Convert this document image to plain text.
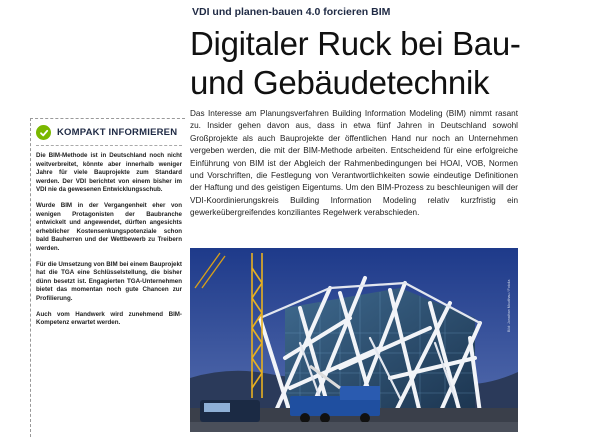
VDI und planen-bauen 4.0 forcieren BIM
Digitaler Ruck bei Bau-
und Gebäudetechnik
KOMPAKT INFORMIEREN

Die BIM-Methode ist in Deutschland noch nicht weitverbreitet, könnte aber innerhalb weniger Jahre für viele Bauprojekte zum Standard werden. Der VDI berichtet von einem bisher im VDI nie da gewesenen Entwicklungsschub.

Wurde BIM in der Vergangenheit eher von wenigen Protagonisten der Baubranche entwickelt und angewendet, dürften angesichts erheblicher Kostensenkungspotenziale schon bald Bauherren und der Wettbewerb zu Treibern werden.

Für die Umsetzung von BIM bei einem Bauprojekt hat die TGA eine Schlüsselstellung, die bisher dünn besetzt ist. Engagierten TGA-Unternehmen bietet das momentan noch gute Chancen zur Profilierung.

Auch vom Handwerk wird zunehmend BIM-Kompetenz erwartet werden.

Das Interesse am Planungsverfahren Building Information Modeling (BIM) nimmt rasant zu. Insider gehen davon aus, dass in etwa fünf Jahren in Deutschland sowohl Großprojekte als auch Bauprojekte der öffentlichen Hand nur noch an Unternehmen vergeben werden, die mit der BIM-Methode arbeiten. Entscheidend für eine erfolgreiche Einführung von BIM ist der Abgleich der Rahmenbedingungen bei HOAI, VOB, Normen und Vorschriften, die Festlegung von Verantwortlichkeiten sowie eindeutige Definitionen der Haftung und des geistigen Eigentums. Um den BIM-Prozess zu beschleunigen will der VDI-Koordinierungskreis Building Information Modeling relativ kurzfristig ein gewerkeübergreifendes konziliantes Regelwerk verabschieden.

Bild: Jonathan Moulthau / Fotolia
